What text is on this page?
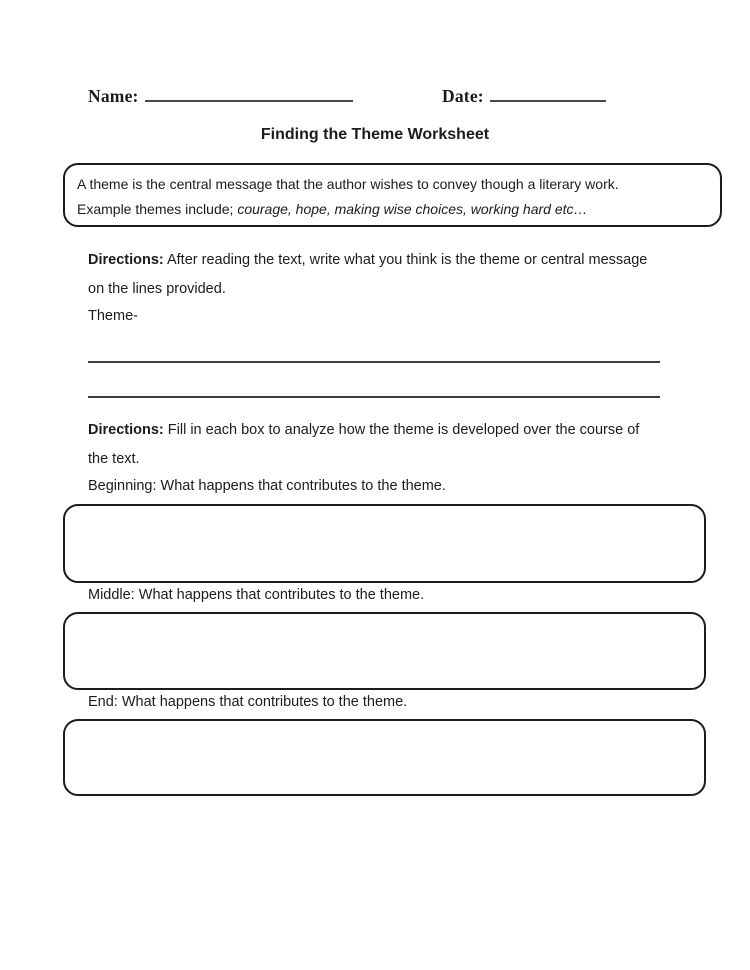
Name:	Date:
Finding the Theme Worksheet
A theme is the central message that the author wishes to convey though a literary work.
Example themes include; courage, hope, making wise choices, working hard etc…
Directions: After reading the text, write what you think is the theme or central message on the lines provided.
Theme-
Directions: Fill in each box to analyze how the theme is developed over the course of the text.
Beginning: What happens that contributes to the theme.
Middle: What happens that contributes to the theme.
End: What happens that contributes to the theme.
